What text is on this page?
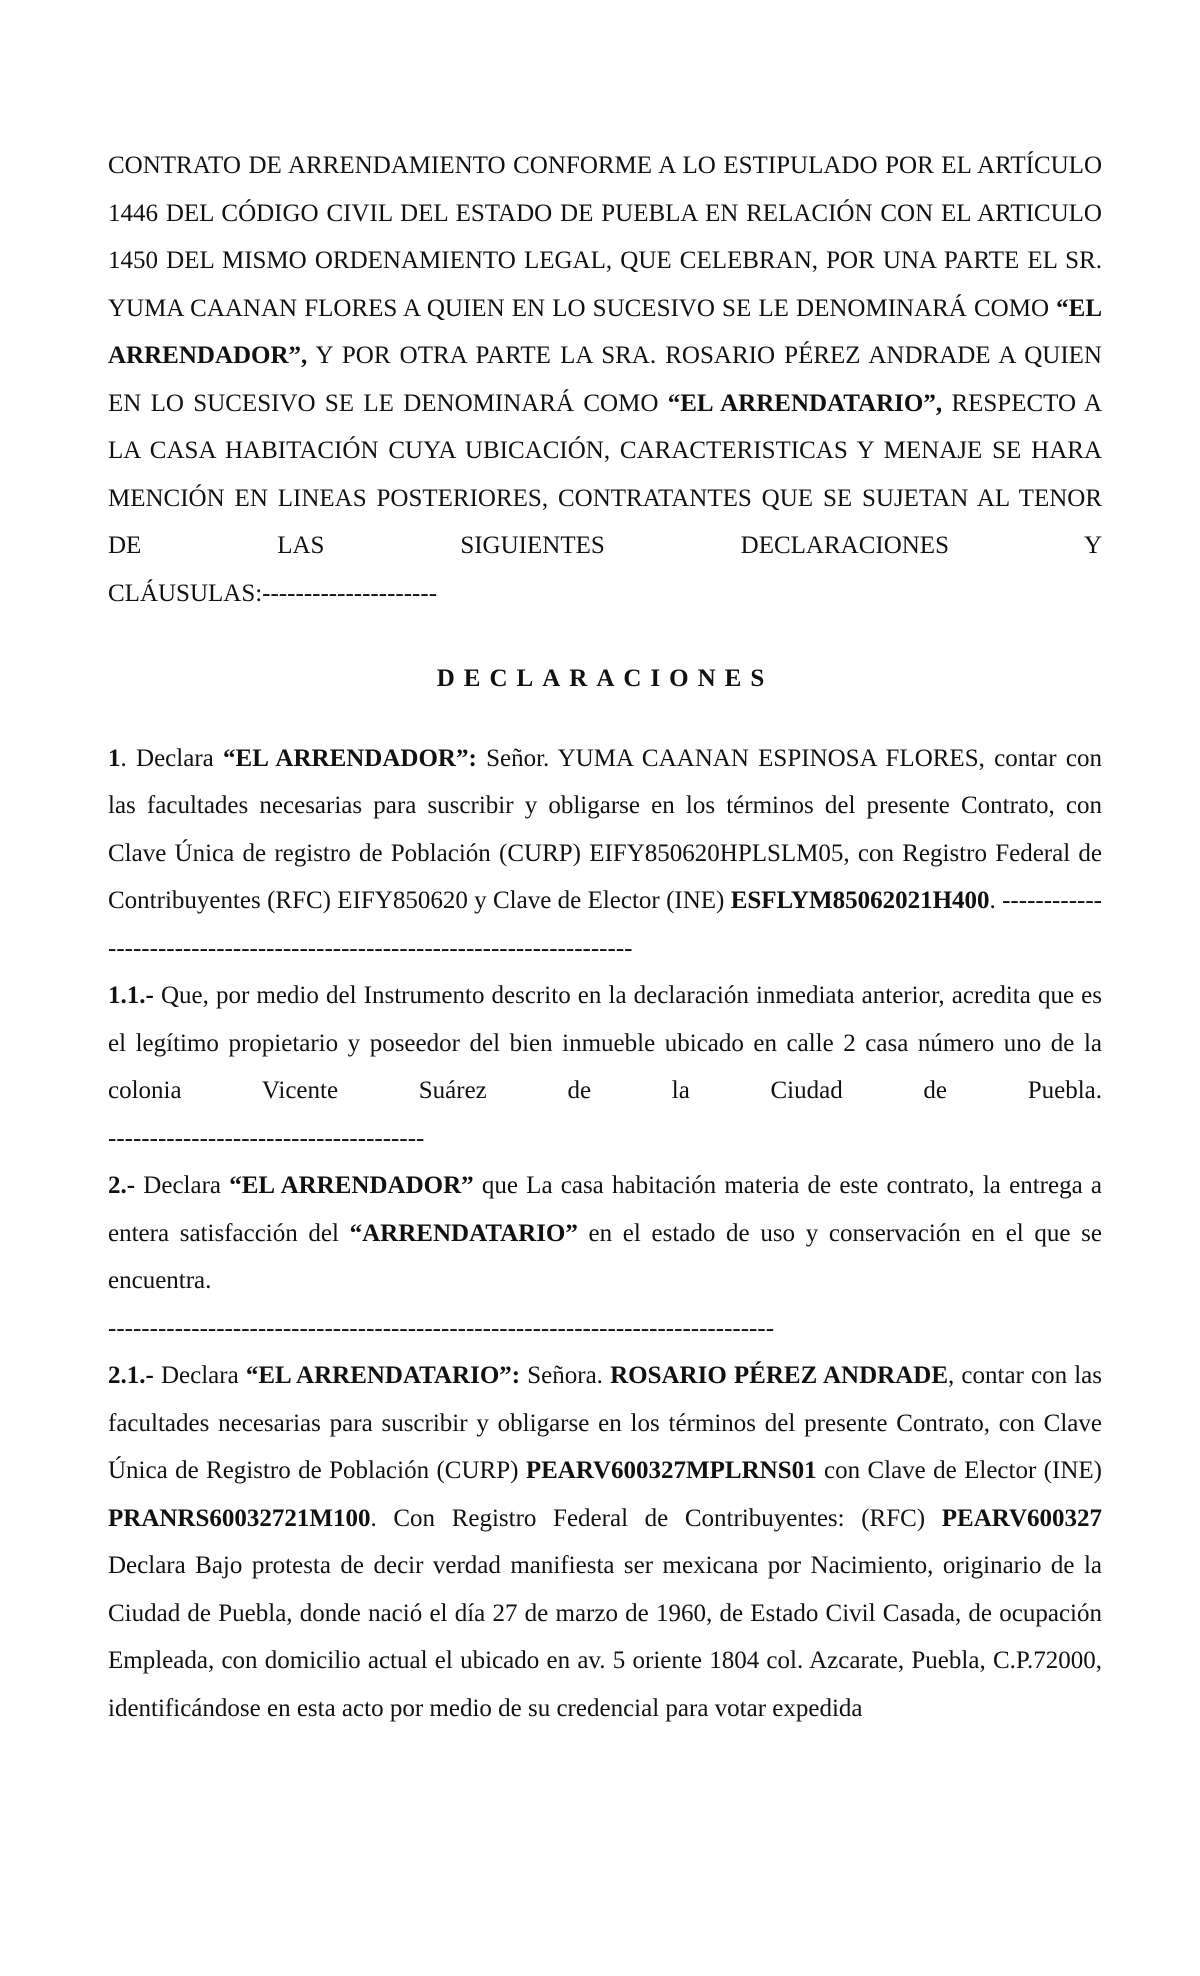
CONTRATO DE ARRENDAMIENTO CONFORME A LO ESTIPULADO POR EL ARTÍCULO 1446 DEL CÓDIGO CIVIL DEL ESTADO DE PUEBLA EN RELACIÓN CON EL ARTICULO 1450 DEL MISMO ORDENAMIENTO LEGAL, QUE CELEBRAN, POR UNA PARTE EL SR. YUMA CAANAN FLORES A QUIEN EN LO SUCESIVO SE LE DENOMINARÁ COMO “EL ARRENDADOR”, Y POR OTRA PARTE LA SRA. ROSARIO PÉREZ ANDRADE A QUIEN EN LO SUCESIVO SE LE DENOMINARÁ COMO “EL ARRENDATARIO”, RESPECTO A LA CASA HABITACIÓN CUYA UBICACIÓN, CARACTERISTICAS Y MENAJE SE HARA MENCIÓN EN LINEAS POSTERIORES, CONTRATANTES QUE SE SUJETAN AL TENOR DE LAS SIGUIENTES DECLARACIONES Y

CLÁUSULAS:---------------------

DECLARACIONES

1. Declara “EL ARRENDADOR”: Señor. YUMA CAANAN ESPINOSA FLORES, contar con las facultades necesarias para suscribir y obligarse en los términos del presente Contrato, con Clave Única de registro de Población (CURP) EIFY850620HPLSLM05, con Registro Federal de Contribuyentes (RFC) EIFY850620 y Clave de Elector (INE) ESFLYM85062021H400. ---------------------------------------------------------------------------

1.1.- Que, por medio del Instrumento descrito en la declaración inmediata anterior, acredita que es el legítimo propietario y poseedor del bien inmueble ubicado en calle 2 casa número uno de la colonia Vicente Suárez de la Ciudad de Puebla.

--------------------------------------

2.- Declara “EL ARRENDADOR” que La casa habitación materia de este contrato, la entrega a entera satisfacción del “ARRENDATARIO” en el estado de uso y conservación en el que se encuentra.

--------------------------------------------------------------------------------

2.1.- Declara “EL ARRENDATARIO”: Señora. ROSARIO PÉREZ ANDRADE, contar con las facultades necesarias para suscribir y obligarse en los términos del presente Contrato, con Clave Única de Registro de Población (CURP) PEARV600327MPLRNS01 con Clave de Elector (INE) PRANRS60032721M100. Con Registro Federal de Contribuyentes: (RFC) PEARV600327 Declara Bajo protesta de decir verdad manifiesta ser mexicana por Nacimiento, originario de la Ciudad de Puebla, donde nació el día 27 de marzo de 1960, de Estado Civil Casada, de ocupación Empleada, con domicilio actual el ubicado en av. 5 oriente 1804 col. Azcarate, Puebla, C.P.72000, identificándose en esta acto por medio de su credencial para votar expedida
